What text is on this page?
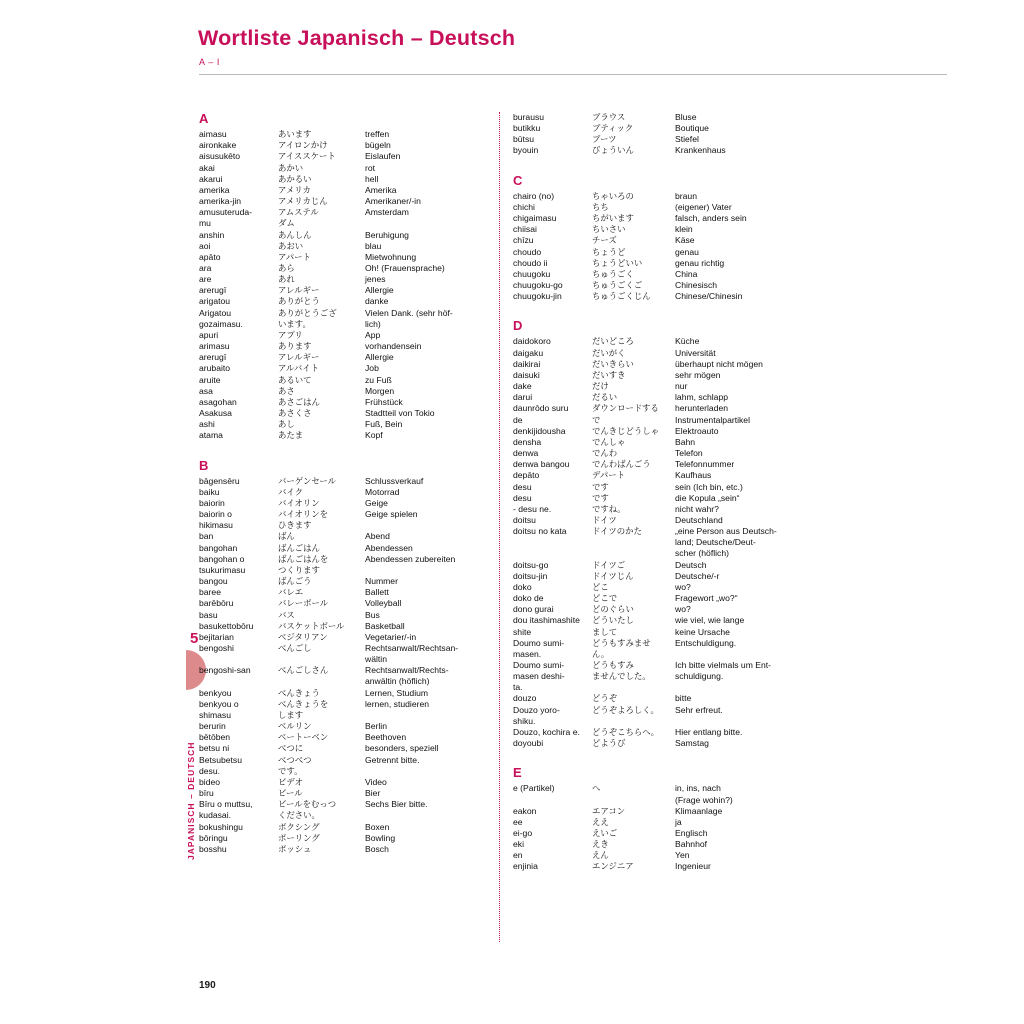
Wortliste Japanisch – Deutsch
A – I
5
JAPANISCH – DEUTSCH
A
aimasu	あいます	treffen
aironkake	アイロンかけ	bügeln
aisusukēto	アイススケート	Eislaufen
akai	あかい	rot
akarui	あかるい	hell
amerika	アメリカ	Amerika
amerika-jin	アメリカじん	Amerikaner/-in
amusuteruda-	アムステル	Amsterdam
mu	ダム
anshin	あんしん	Beruhigung
aoi	あおい	blau
apāto	アパート	Mietwohnung
ara	あら	Oh! (Frauensprache)
are	あれ	jenes
arerugī	アレルギー	Allergie
arigatou	ありがとう	danke
Arigatou	ありがとうござ	Vielen Dank. (sehr höf-
gozaimasu.	います。	lich)
apuri	アプリ	App
arimasu	あります	vorhandensein
arerugī	アレルギー	Allergie
arubaito	アルバイト	Job
aruite	あるいて	zu Fuß
asa	あさ	Morgen
asagohan	あさごはん	Frühstück
Asakusa	あさくさ	Stadtteil von Tokio
ashi	あし	Fuß, Bein
atama	あたま	Kopf
B
bāgensēru	バーゲンセール	Schlussverkauf
baiku	バイク	Motorrad
baiorin	バイオリン	Geige
baiorin o	バイオリンを	Geige spielen
hikimasu	ひきます
ban	ばん	Abend
bangohan	ばんごはん	Abendessen
bangohan o	ばんごはんを	Abendessen zubereiten
tsukurimasu	つくります
bangou	ばんごう	Nummer
baree	バレエ	Ballett
barēbōru	バレーボール	Volleyball
basu	バス	Bus
basukettobōru	バスケットボール	Basketball
bejitarian	ベジタリアン	Vegetarier/-in
bengoshi	べんごし	Rechtsanwalt/Rechtsan-
wältin
bengoshi-san	べんごしさん	Rechtsanwalt/Rechts-
anwältin (höflich)
benkyou	べんきょう	Lernen, Studium
benkyou o	べんきょうを	lernen, studieren
shimasu	します
berurin	ベルリン	Berlin
bētōben	ベートーベン	Beethoven
betsu ni	べつに	besonders, speziell
Betsubetsu	べつべつ	Getrennt bitte.
desu.	です。
bideo	ビデオ	Video
bīru	ビール	Bier
Bīru o muttsu,	ビールをむっつ	Sechs Bier bitte.
kudasai.	ください。
bokushingu	ボクシング	Boxen
bōringu	ボーリング	Bowling
bosshu	ボッシュ	Bosch
burausu	ブラウス	Bluse
butikku	ブティック	Boutique
būtsu	ブーツ	Stiefel
byouin	びょういん	Krankenhaus
C
chairo (no)	ちゃいろの	braun
chichi	ちち	(eigener) Vater
chigaimasu	ちがいます	falsch, anders sein
chiisai	ちいさい	klein
chīzu	チーズ	Käse
choudo	ちょうど	genau
choudo ii	ちょうどいい	genau richtig
chuugoku	ちゅうごく	China
chuugoku-go	ちゅうごくご	Chinesisch
chuugoku-jin	ちゅうごくじん	Chinese/Chinesin
D
daidokoro	だいどころ	Küche
daigaku	だいがく	Universität
daikirai	だいきらい	überhaupt nicht mögen
daisuki	だいすき	sehr mögen
dake	だけ	nur
darui	だるい	lahm, schlapp
daunrōdo suru	ダウンロードする	herunterladen
de	で	Instrumentalpartikel
denkijidousha	でんきじどうしゃ	Elektroauto
densha	でんしゃ	Bahn
denwa	でんわ	Telefon
denwa bangou	でんわばんごう	Telefonnummer
depāto	デパート	Kaufhaus
desu	です	sein (Ich bin, etc.)
desu	です	die Kopula „sein“
- desu ne.	ですね。	nicht wahr?
doitsu	ドイツ	Deutschland
doitsu no kata	ドイツのかた	„eine Person aus Deutsch-
land; Deutsche/Deut-
scher (höflich)
doitsu-go	ドイツご	Deutsch
doitsu-jin	ドイツじん	Deutsche/-r
doko	どこ	wo?
doko de	どこで	Fragewort „wo?“
dono gurai	どのぐらい	wo?
dou itashimashite	どういたし	wie viel, wie lange
shite	まして	keine Ursache
Doumo sumi-	どうもすみませ	Entschuldigung.
masen.	ん。
Doumo sumi-	どうもすみ	Ich bitte vielmals um Ent-
masen deshi-	ませんでした。	schuldigung.
ta.
douzo	どうぞ	bitte
Douzo yoro-	どうぞよろしく。	Sehr erfreut.
shiku.
Douzo, kochira e.	どうぞこちらへ。	Hier entlang bitte.
doyoubi	どようび	Samstag
E
e (Partikel)	へ	in, ins, nach
(Frage wohin?)
eakon	エアコン	Klimaanlage
ee	ええ	ja
ei-go	えいご	Englisch
eki	えき	Bahnhof
en	えん	Yen
enjinia	エンジニア	Ingenieur
190
